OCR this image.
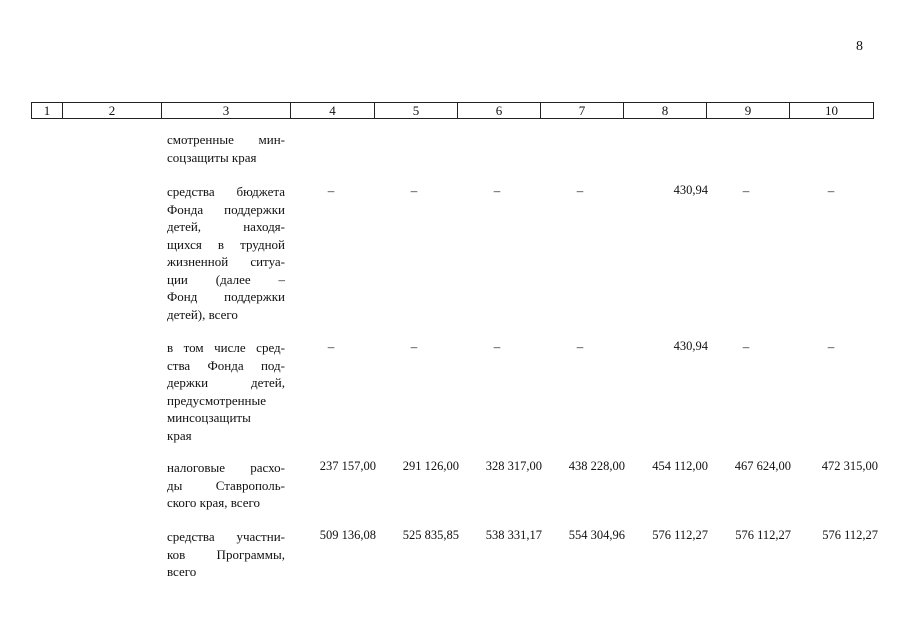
8
1	2	3	4	5	6	7	8	9	10
смотренные мин-
соцзащиты края
средства бюджета
Фонда поддержки
детей, находя-
щихся в трудной
жизненной ситуа-
ции (далее –
Фонд поддержки
детей), всего
–	–	–	–	430,94	–	–
в том числе сред-
ства Фонда под-
держки детей,
предусмотренные
минсоцзащиты
края
–	–	–	–	430,94	–	–
налоговые расхо-
ды Ставрополь-
ского края, всего
237 157,00	291 126,00	328 317,00	438 228,00	454 112,00	467 624,00	472 315,00
средства участни-
ков Программы,
всего
509 136,08	525 835,85	538 331,17	554 304,96	576 112,27	576 112,27	576 112,27
